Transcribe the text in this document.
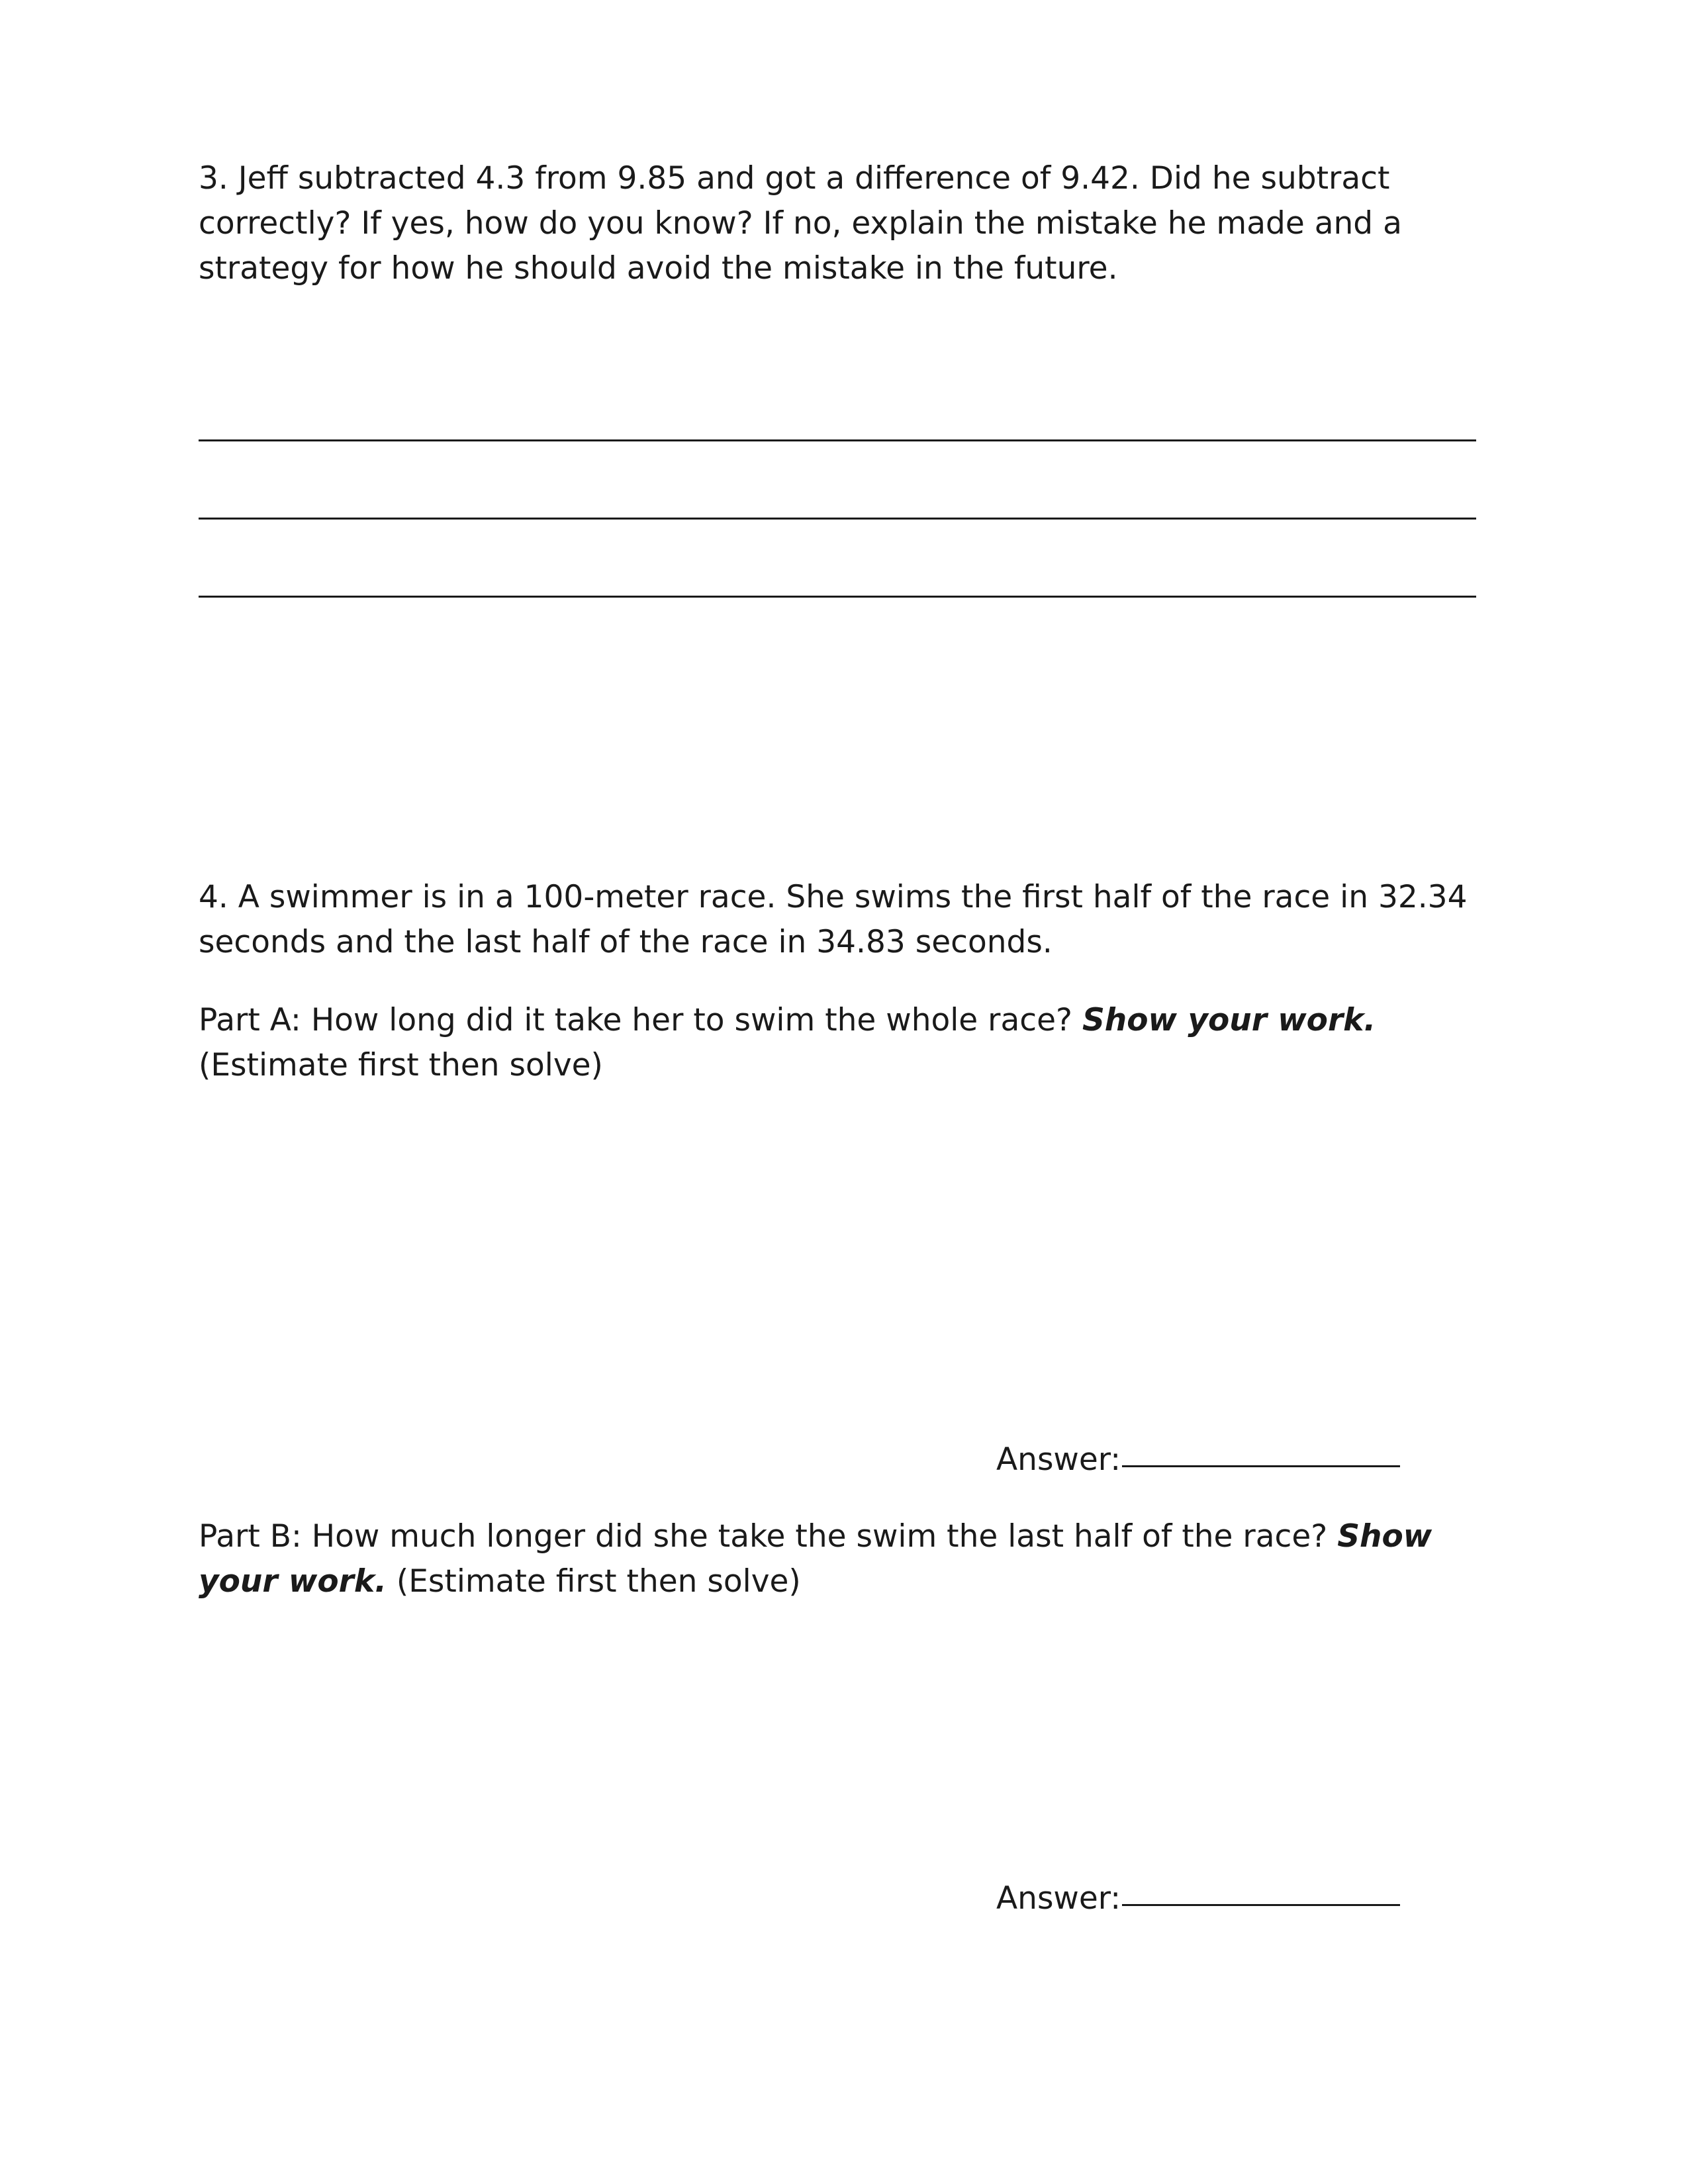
3. Jeff subtracted 4.3 from 9.85 and got a difference of 9.42. Did he subtract correctly? If yes, how do you know? If no, explain the mistake he made and a strategy for how he should avoid the mistake in the future.

4. A swimmer is in a 100-meter race. She swims the first half of the race in 32.34 seconds and the last half of the race in 34.83 seconds.

Part A: How long did it take her to swim the whole race? Show your work.
(Estimate first then solve)

Answer:

Part B: How much longer did she take the swim the last half of the race? Show your work. (Estimate first then solve)

Answer:
